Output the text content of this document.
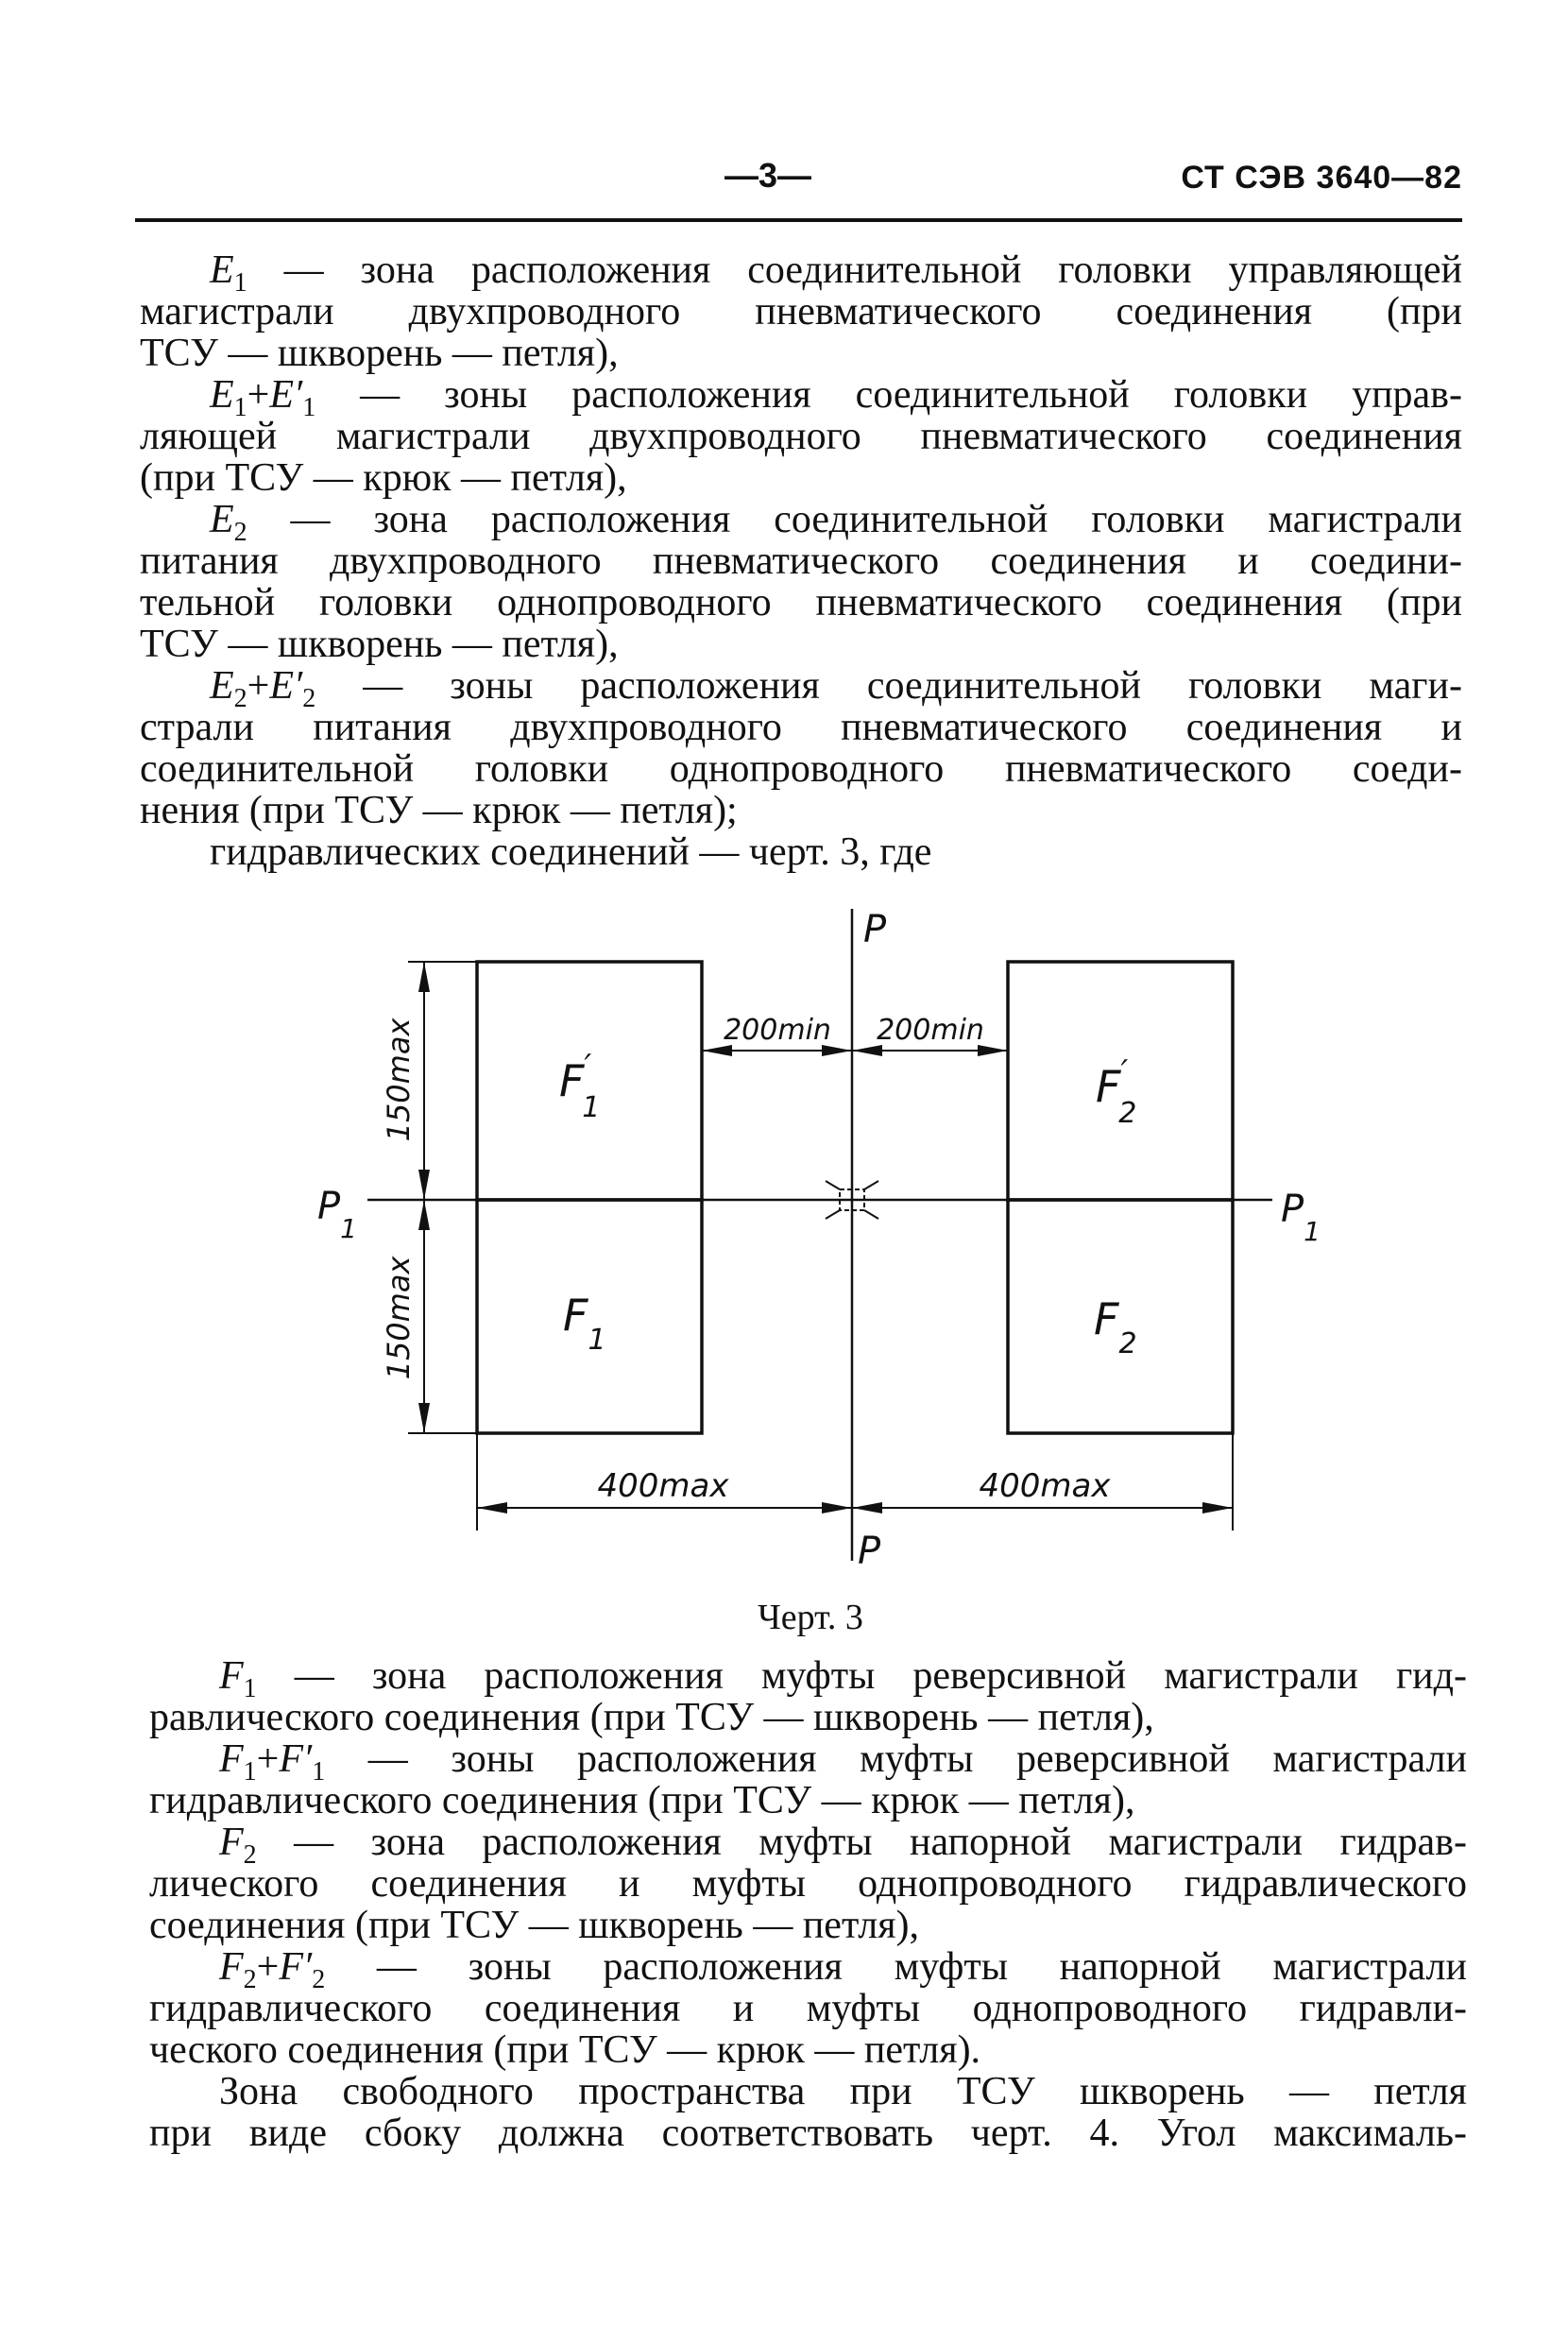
—3—	СТ СЭВ 3640—82
$E_1$ — зона расположения соединительной головки управляющей
магистрали двухпроводного пневматического соединения (при
ТСУ — шкворень — петля),
$E_1+E'_1$ — зоны расположения соединительной головки управ-
ляющей магистрали двухпроводного пневматического соединения
(при ТСУ — крюк — петля),
$E_2$ — зона расположения соединительной головки магистрали
питания двухпроводного пневматического соединения и соедини-
тельной головки однопроводного пневматического соединения (при
ТСУ — шкворень — петля),
$E_2+E'_2$ — зоны расположения соединительной головки маги-
страли питания двухпроводного пневматического соединения и
соединительной головки однопроводного пневматического соеди-
нения (при ТСУ — крюк — петля);
гидравлических соединений — черт. 3, где
P
P
$P_1$	$P_1$
150max
150max
200min 200min
400max	400max
F′ 1	F′ 2
$F_1$	$F_2$
Черт. 3
$F_1$ — зона расположения муфты реверсивной магистрали гид-
равлического соединения (при ТСУ — шкворень — петля),
$F_1+F'_1$ — зоны расположения муфты реверсивной магистрали
гидравлического соединения (при ТСУ — крюк — петля),
$F_2$ — зона расположения муфты напорной магистрали гидрав-
лического соединения и муфты однопроводного гидравлического
соединения (при ТСУ — шкворень — петля),
$F_2+F'_2$ — зоны расположения муфты напорной магистрали
гидравлического соединения и муфты однопроводного гидравли-
ческого соединения (при ТСУ — крюк — петля).
Зона свободного пространства при ТСУ шкворень — петля
при виде сбоку должна соответствовать черт. 4. Угол максималь-
